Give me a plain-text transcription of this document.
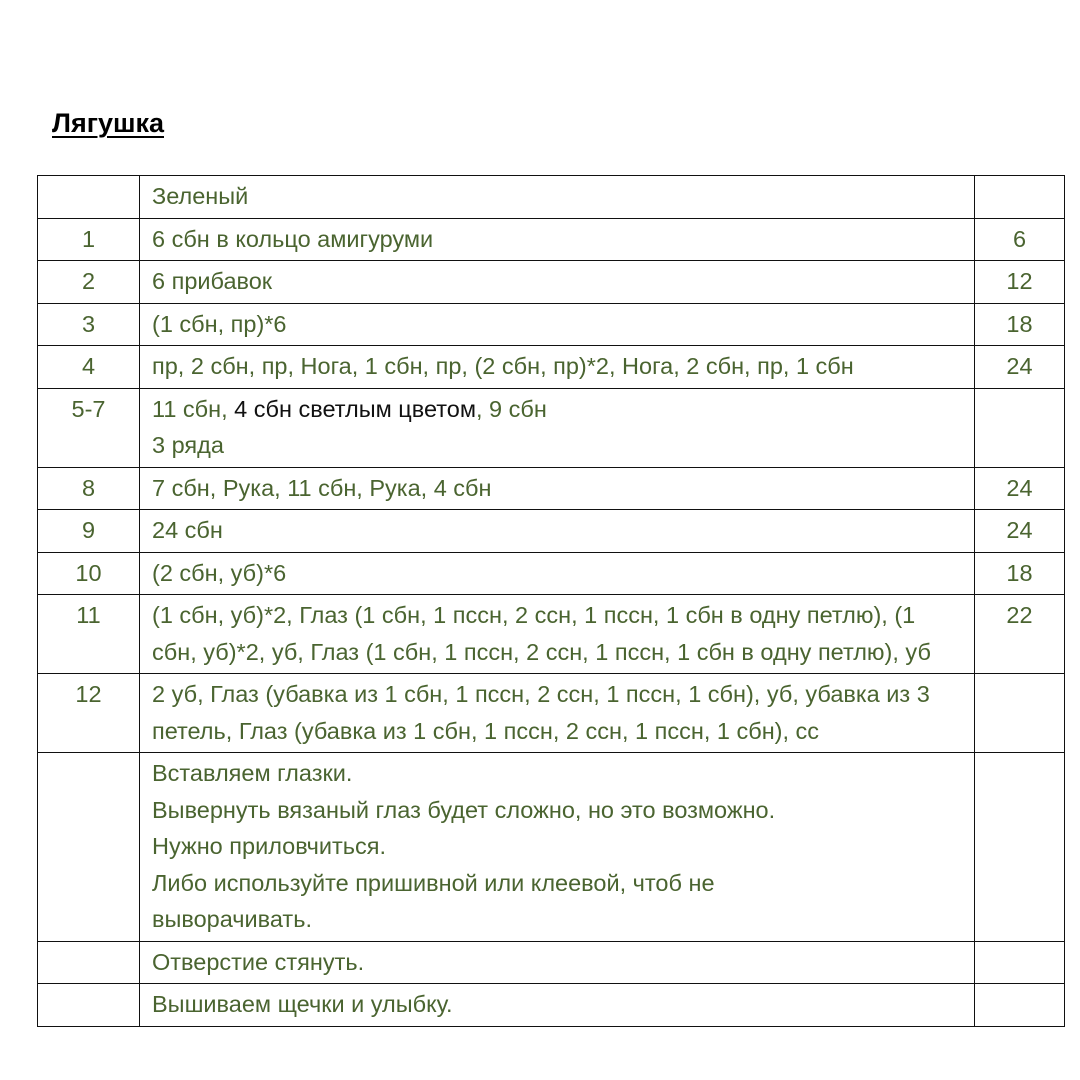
Лягушка
	Зеленый	
1	6 сбн в кольцо амигуруми	6
2	6 прибавок	12
3	(1 сбн, пр)*6	18
4	пр, 2 сбн, пр, Нога, 1 сбн, пр, (2 сбн, пр)*2, Нога, 2 сбн, пр, 1 сбн	24
5-7	11 сбн, 4 сбн светлым цветом, 9 сбн
3 ряда	

8	7 сбн, Рука, 11 сбн, Рука, 4 сбн	24
9	24 сбн	24
10	(2 сбн, уб)*6	18
11	(1 сбн, уб)*2, Глаз (1 сбн, 1 пссн, 2 ссн, 1 пссн, 1 сбн в одну петлю), (1 сбн, уб)*2, уб, Глаз (1 сбн, 1 пссн, 2 ссн, 1 пссн, 1 сбн в одну петлю), уб	22
12	2 уб, Глаз (убавка из 1 сбн, 1 пссн, 2 ссн, 1 пссн, 1 сбн), уб, убавка из 3 петель, Глаз (убавка из 1 сбн, 1 пссн, 2 ссн, 1 пссн, 1 сбн), сс	

	Вставляем глазки.
Вывернуть вязаный глаз будет сложно, но это возможно.
Нужно приловчиться.
Либо используйте пришивной или клеевой, чтоб не выворачивать.	

	Отверстие стянуть.	
	Вышиваем щечки и улыбку.	
